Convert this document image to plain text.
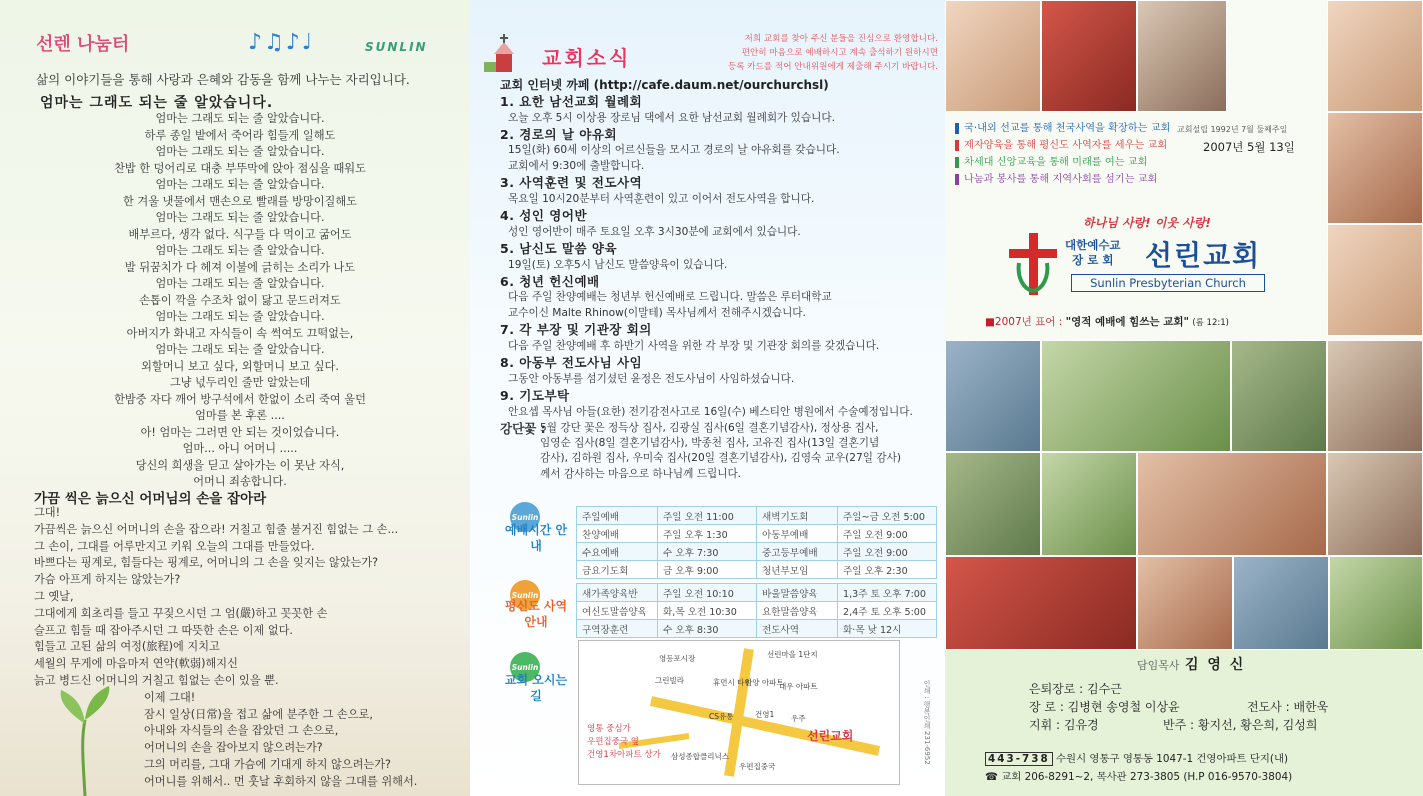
선렌 나눔터	♪♫♪♩	SUNLIN
삶의 이야기들을 통해 사랑과 은혜와 감동을 함께 나누는 자리입니다.
엄마는 그래도 되는 줄 알았습니다.
엄마는 그래도 되는 줄 알았습니다.
하루 종일 밭에서 죽어라 힘들게 일해도
엄마는 그래도 되는 줄 알았습니다.
찬밥 한 덩어리로 대충 부뚜막에 앉아 점심을 때워도
엄마는 그래도 되는 줄 알았습니다.
한 겨울 냇물에서 맨손으로 빨래를 방망이질해도
엄마는 그래도 되는 줄 알았습니다.
배부르다, 생각 없다. 식구들 다 먹이고 굶어도
엄마는 그래도 되는 줄 알았습니다.
발 뒤꿈치가 다 헤져 이불에 긁히는 소리가 나도
엄마는 그래도 되는 줄 알았습니다.
손톱이 깍을 수조차 없이 닳고 문드러져도
엄마는 그래도 되는 줄 알았습니다.
아버지가 화내고 자식들이 속 썩여도 끄떡없는,
엄마는 그래도 되는 줄 알았습니다.
외할머니 보고 싶다, 외할머니 보고 싶다.
그냥 넋두리인 줄만 알았는데
한밤중 자다 깨어 방구석에서 한없이 소리 죽여 울던
엄마를 본 후론 ....
아! 엄마는 그러면 안 되는 것이었습니다.
엄마... 아니 어머니 .....
당신의 희생을 딛고 살아가는 이 못난 자식,
어머니 죄송합니다.
가끔 씩은 늙으신 어머님의 손을 잡아라
그대!
가끔씩은 늙으신 어머니의 손을 잡으라! 거칠고 힘줄 불거진 힘없는 그 손...
그 손이, 그대를 어루만지고 키워 오늘의 그대를 만들었다.
바쁘다는 핑계로, 힘들다는 핑계로, 어머니의 그 손을 잊지는 않았는가?
가슴 아프게 하지는 않았는가?
그 옛날,
그대에게 회초리를 들고 꾸짖으시던 그 엄(嚴)하고 꼿꼿한 손
슬프고 힘들 때 잡아주시던 그 따뜻한 손은 이제 없다.
힘들고 고된 삶의 여정(旅程)에 지치고
세월의 무게에 마음마저 연약(軟弱)해지신
늙고 병드신 어머니의 거칠고 힘없는 손이 있을 뿐.
이제 그대!
잠시 일상(日常)을 접고 삶에 분주한 그 손으로,
아내와 자식들의 손을 잡았던 그 손으로,
어머니의 손을 잡아보지 않으려는가?
그의 머리를, 그대 가슴에 기대게 하지 않으려는가?
어머니를 위해서.. 먼 훗날 후회하지 않을 그대를 위해서.
교회소식
저희 교회를 찾아 주신 분들을 진심으로 환영합니다.
편안히 마음으로 예배하시고 계속 출석하기 원하시면
등록 카드를 적어 안내위원에게 제출해 주시기 바랍니다.
교회 인터넷 까페 (http://cafe.daum.net/ourchurchsl)
1. 요한 남선교회 월례회
오늘 오후 5시 이상용 장로님 댁에서 요한 남선교회 월례회가 있습니다.
2. 경로의 날 야유회
15일(화) 60세 이상의 어르신들을 모시고 경로의 날 야유회를 갖습니다.
교회에서 9:30에 출발합니다.
3. 사역훈련 및 전도사역
목요일 10시20분부터 사역훈련이 있고 이어서 전도사역을 합니다.
4. 성인 영어반
성인 영어반이 매주 토요일 오후 3시30분에 교회에서 있습니다.
5. 남신도 말씀 양육
19일(토) 오후5시 남신도 말씀양육이 있습니다.
6. 청년 헌신예배
다음 주일 찬양예배는 청년부 헌신예배로 드립니다. 말씀은 루터대학교
교수이신 Malte Rhinow(이말테) 목사님께서 전해주시겠습니다.
7. 각 부장 및 기관장 회의
다음 주일 찬양예배 후 하반기 사역을 위한 각 부장 및 기관장 회의를 갖겠습니다.
8. 아동부 전도사님 사임
그동안 아동부를 섬기셨던 윤정은 전도사님이 사임하셨습니다.
9. 기도부탁
안요셉 목사님 아들(요한) 전기감전사고로 16일(수) 베스티안 병원에서 수술예정입니다.
강단꽃 :
5월 강단 꽃은 정득상 집사, 김광실 집사(6일 결혼기념감사), 정상용 집사,
임영순 집사(8일 결혼기념감사), 박종천 집사, 고유진 집사(13일 결혼기념
감사), 김하원 집사, 우미숙 집사(20일 결혼기념감사), 김영숙 교우(27일 감사)
께서 감사하는 마음으로 하나님께 드립니다.
Sunlin
예배시간 안내
주일예배	주일 오전 11:00	새벽기도회	주일~금 오전 5:00
찬양예배	주일 오후 1:30	아동부예배	주일 오전 9:00
수요예배	수 오후 7:30	중고등부예배	주일 오전 9:00
금요기도회	금 오후 9:00	청년부모임	주일 오후 2:30
Sunlin
평신도 사역 안내
새가족양육반	주일 오전 10:10	바울말씀양육	1,3주 토 오후 7:00
여신도말씀양육	화,목 오전 10:30	요한말씀양육	2,4주 토 오후 5:00
구역장훈련	수 오후 8:30	전도사역	화·목 낮 12시
Sunlin
교회 오시는 길
영등포시장	선린마을 1단지
그린빌라	휴먼시 타워
한양 아파트
대우 아파트
CS유통	건영1 우주
삼성종합클리닉스
우편집중국
선린교회
영통 중심가
우편집중국 옆
건영1차아파트 상가	인쇄 : 행복인쇄 231-6952
국·내외 선교를 통해 천국사역을 확장하는 교회
제자양육을 통해 평신도 사역자를 세우는 교회
차세대 신앙교육을 통해 미래를 여는 교회
나눔과 봉사를 통해 지역사회를 섬기는 교회
교회설립 1992년 7월 둘째주일
2007년 5월 13일
하나님 사랑! 이웃 사랑!
대한예수교
장 로 회 선린교회
Sunlin Presbyterian Church
■2007년 표어 : "영적 예배에 힘쓰는 교회" (롬 12:1)
담임목사 김 영 신
은퇴장로 : 김수근
장 로 : 김병현 송영철 이상윤	전도사 : 배한욱
지휘 : 김유경	반주 : 황지선, 황은희, 김성희
443-738 수원시 영통구 영통동 1047-1 건영아파트 단지(내)
☎ 교회 206-8291~2, 목사관 273-3805 (H.P 016-9570-3804)
